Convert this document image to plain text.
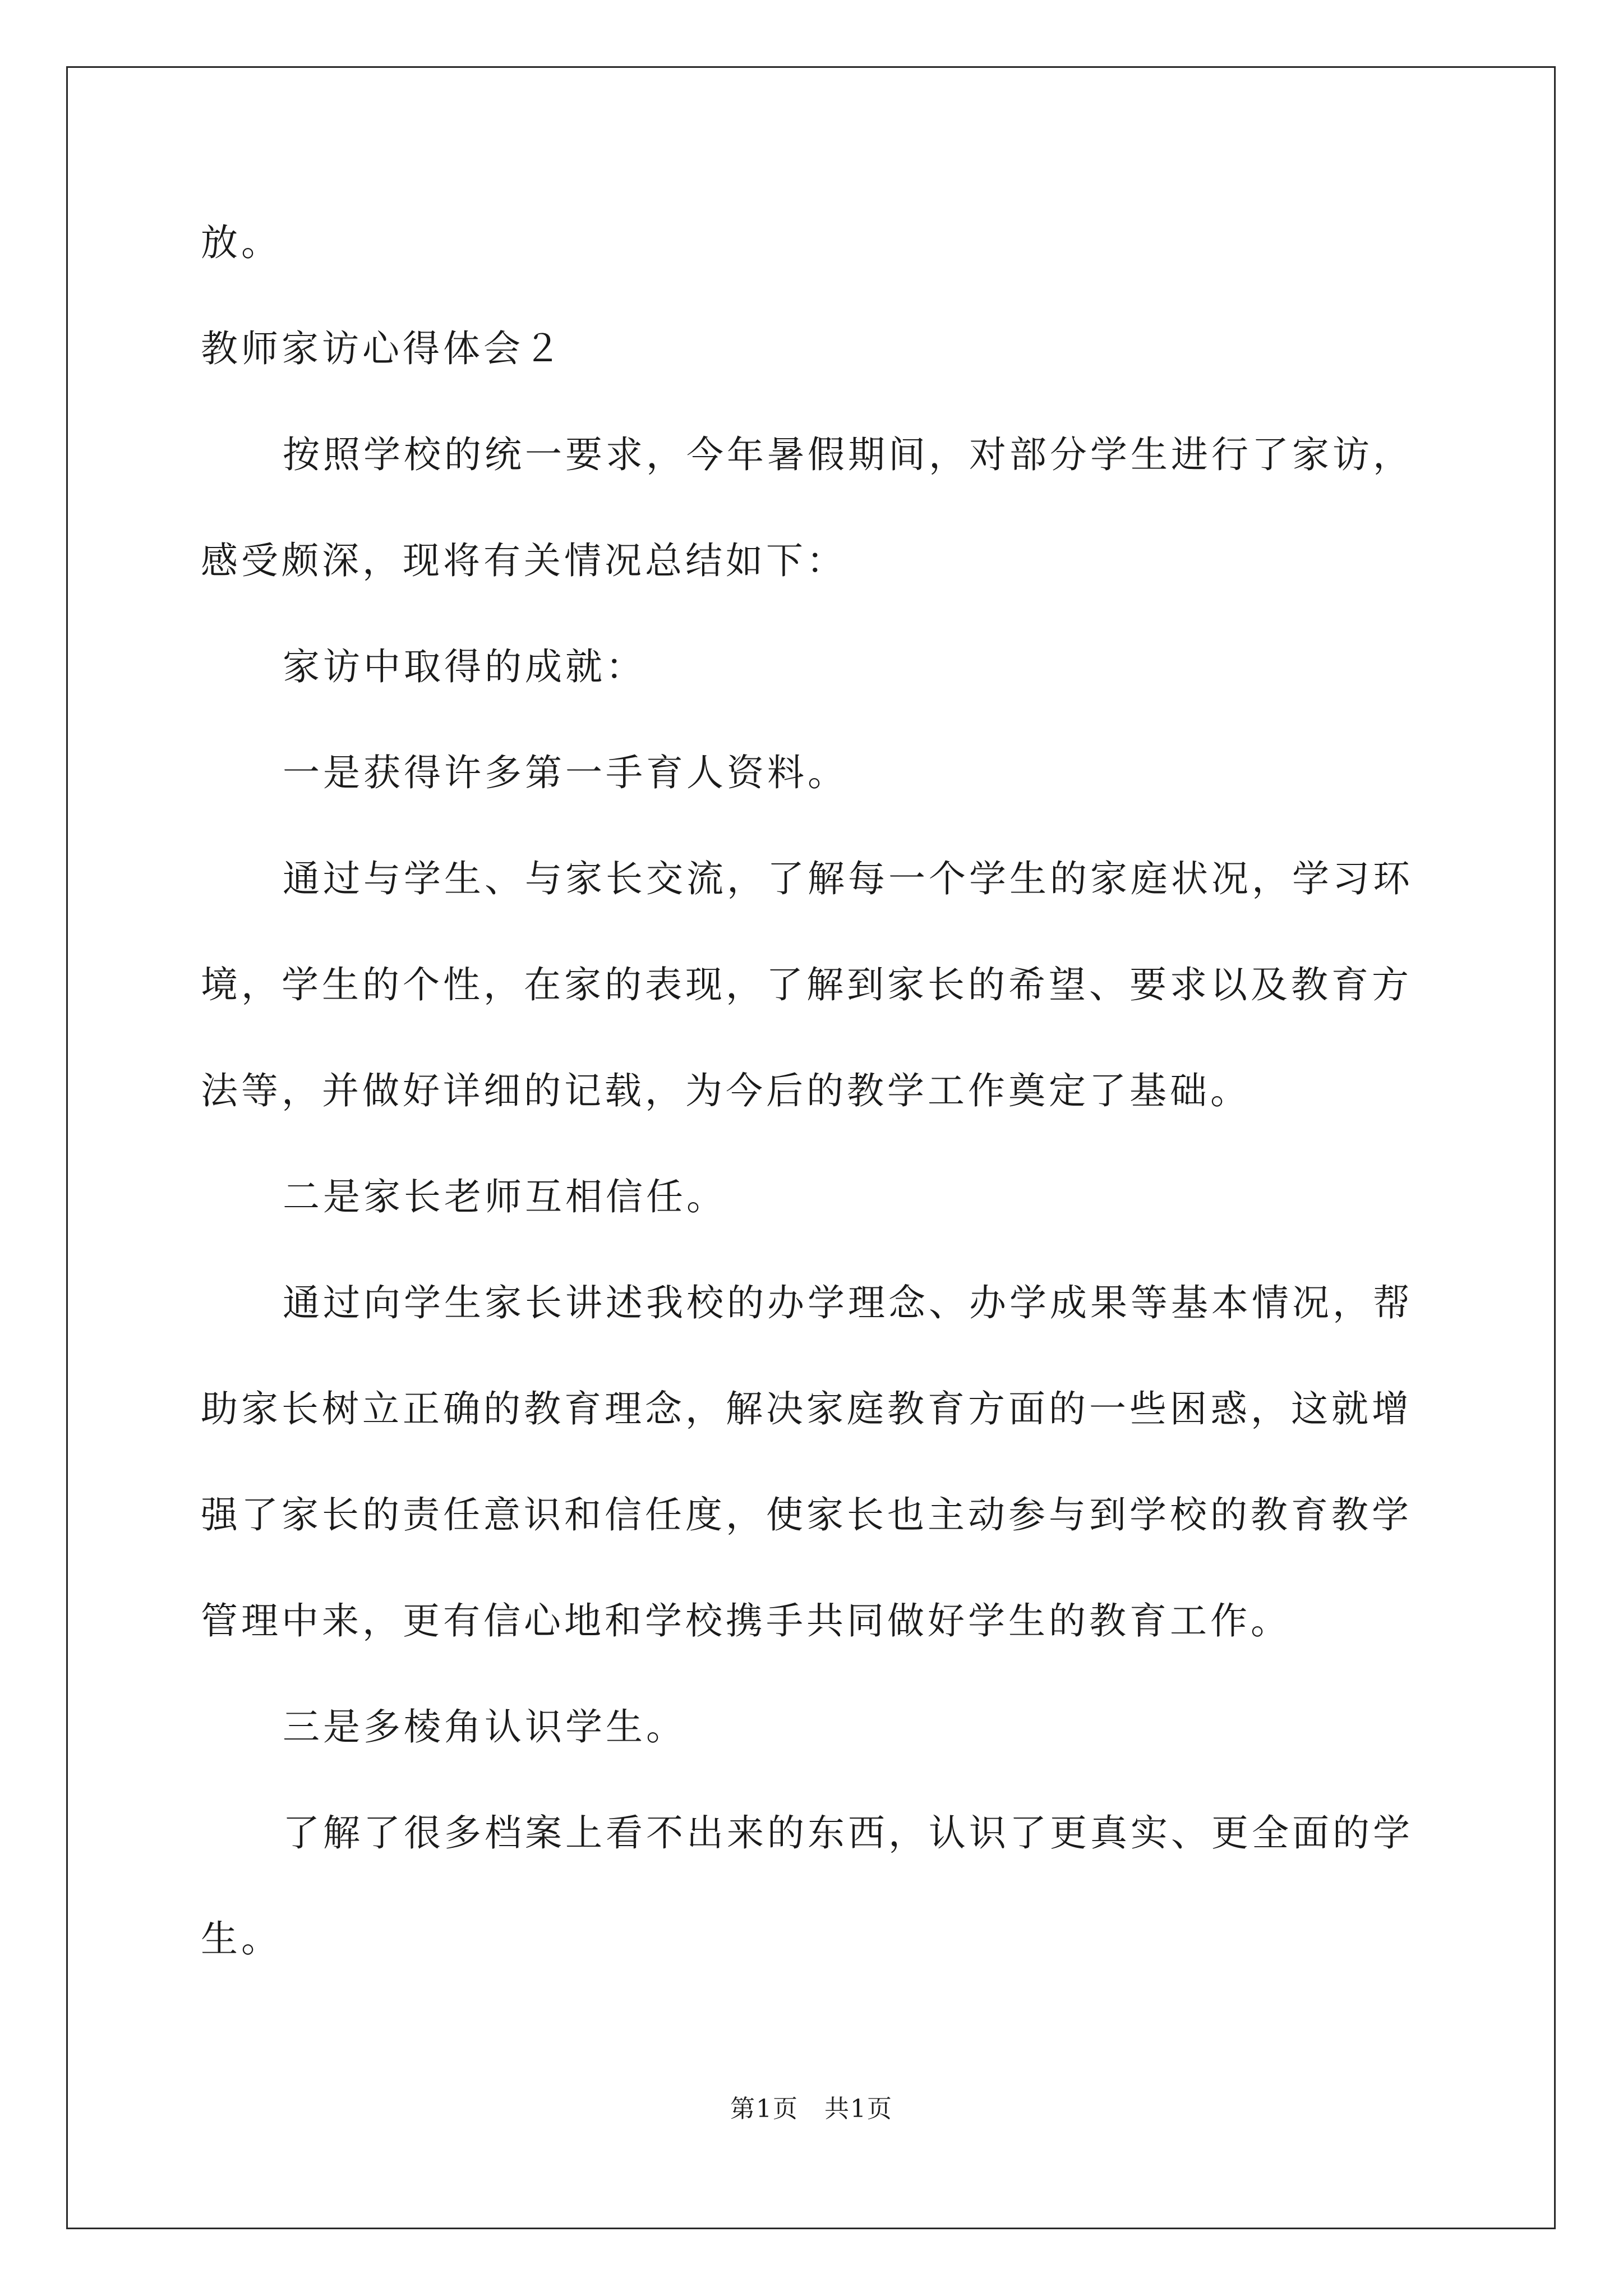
放。
教师家访心得体会２
按照学校的统一要求，今年暑假期间，对部分学生进行了家访，
感受颇深，现将有关情况总结如下：
家访中取得的成就：
一是获得许多第一手育人资料。
通过与学生、与家长交流，了解每一个学生的家庭状况，学习环
境，学生的个性，在家的表现，了解到家长的希望、要求以及教育方
法等，并做好详细的记载，为今后的教学工作奠定了基础。
二是家长老师互相信任。
通过向学生家长讲述我校的办学理念、办学成果等基本情况，帮
助家长树立正确的教育理念，解决家庭教育方面的一些困惑，这就增
强了家长的责任意识和信任度，使家长也主动参与到学校的教育教学
管理中来，更有信心地和学校携手共同做好学生的教育工作。
三是多棱角认识学生。
了解了很多档案上看不出来的东西，认识了更真实、更全面的学
生。
第1页　共1页
